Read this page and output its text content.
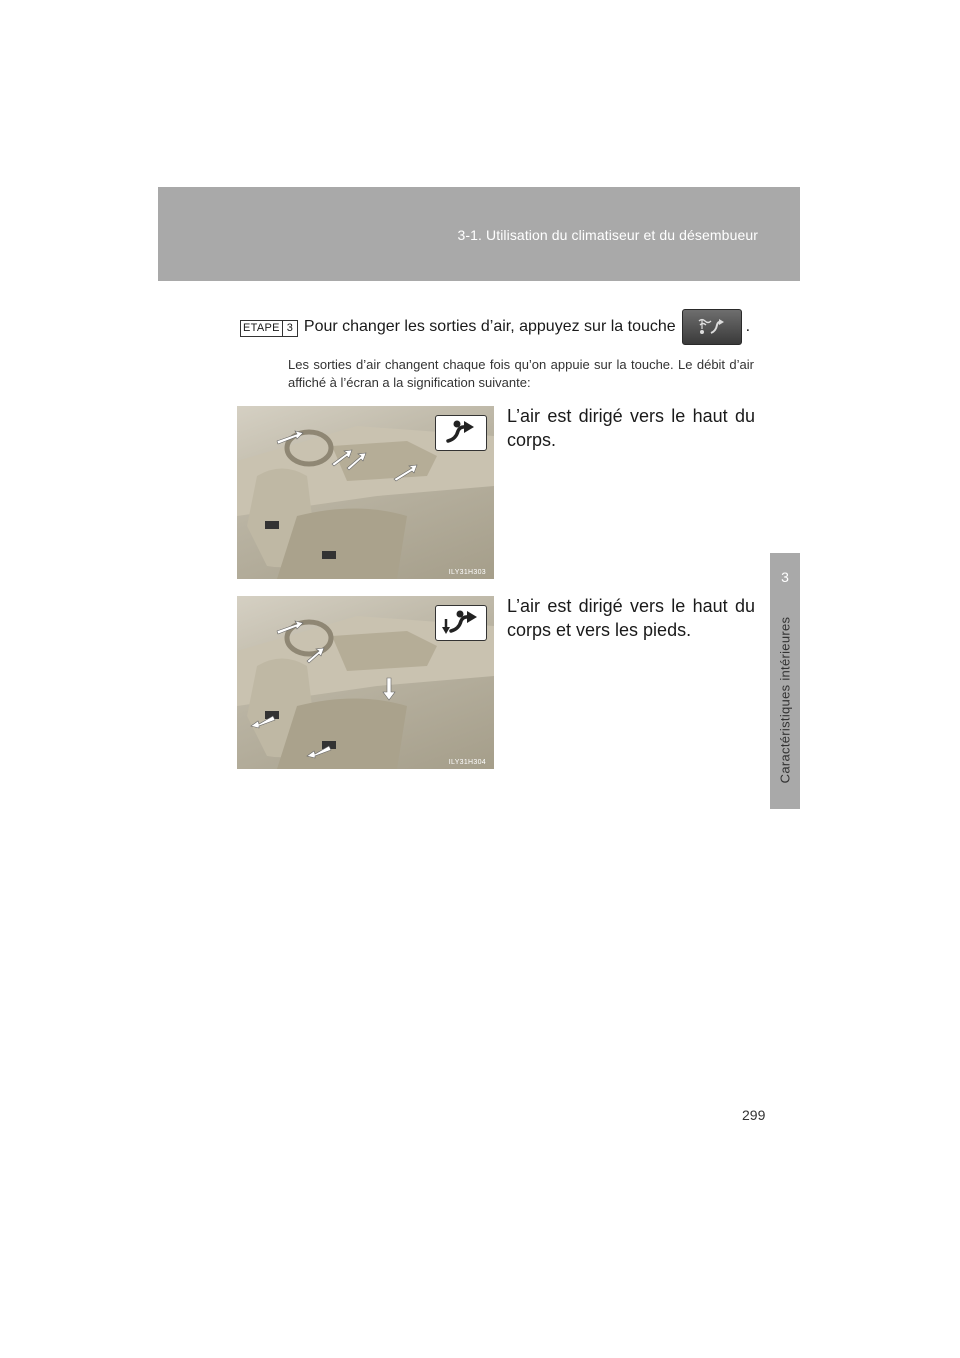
3-1. Utilisation du climatiseur et du désembueur
3
Caractéristiques intérieures
ETAPE 3 Pour changer les sorties d’air, appuyez sur la touche	.
Les sorties d’air changent chaque fois qu’on appuie sur la touche. Le débit d’air affiché à l’écran a la signification suivante:
ILY31H303
L’air est dirigé vers le haut du corps.
ILY31H304
L’air est dirigé vers le haut du corps et vers les pieds.
299
